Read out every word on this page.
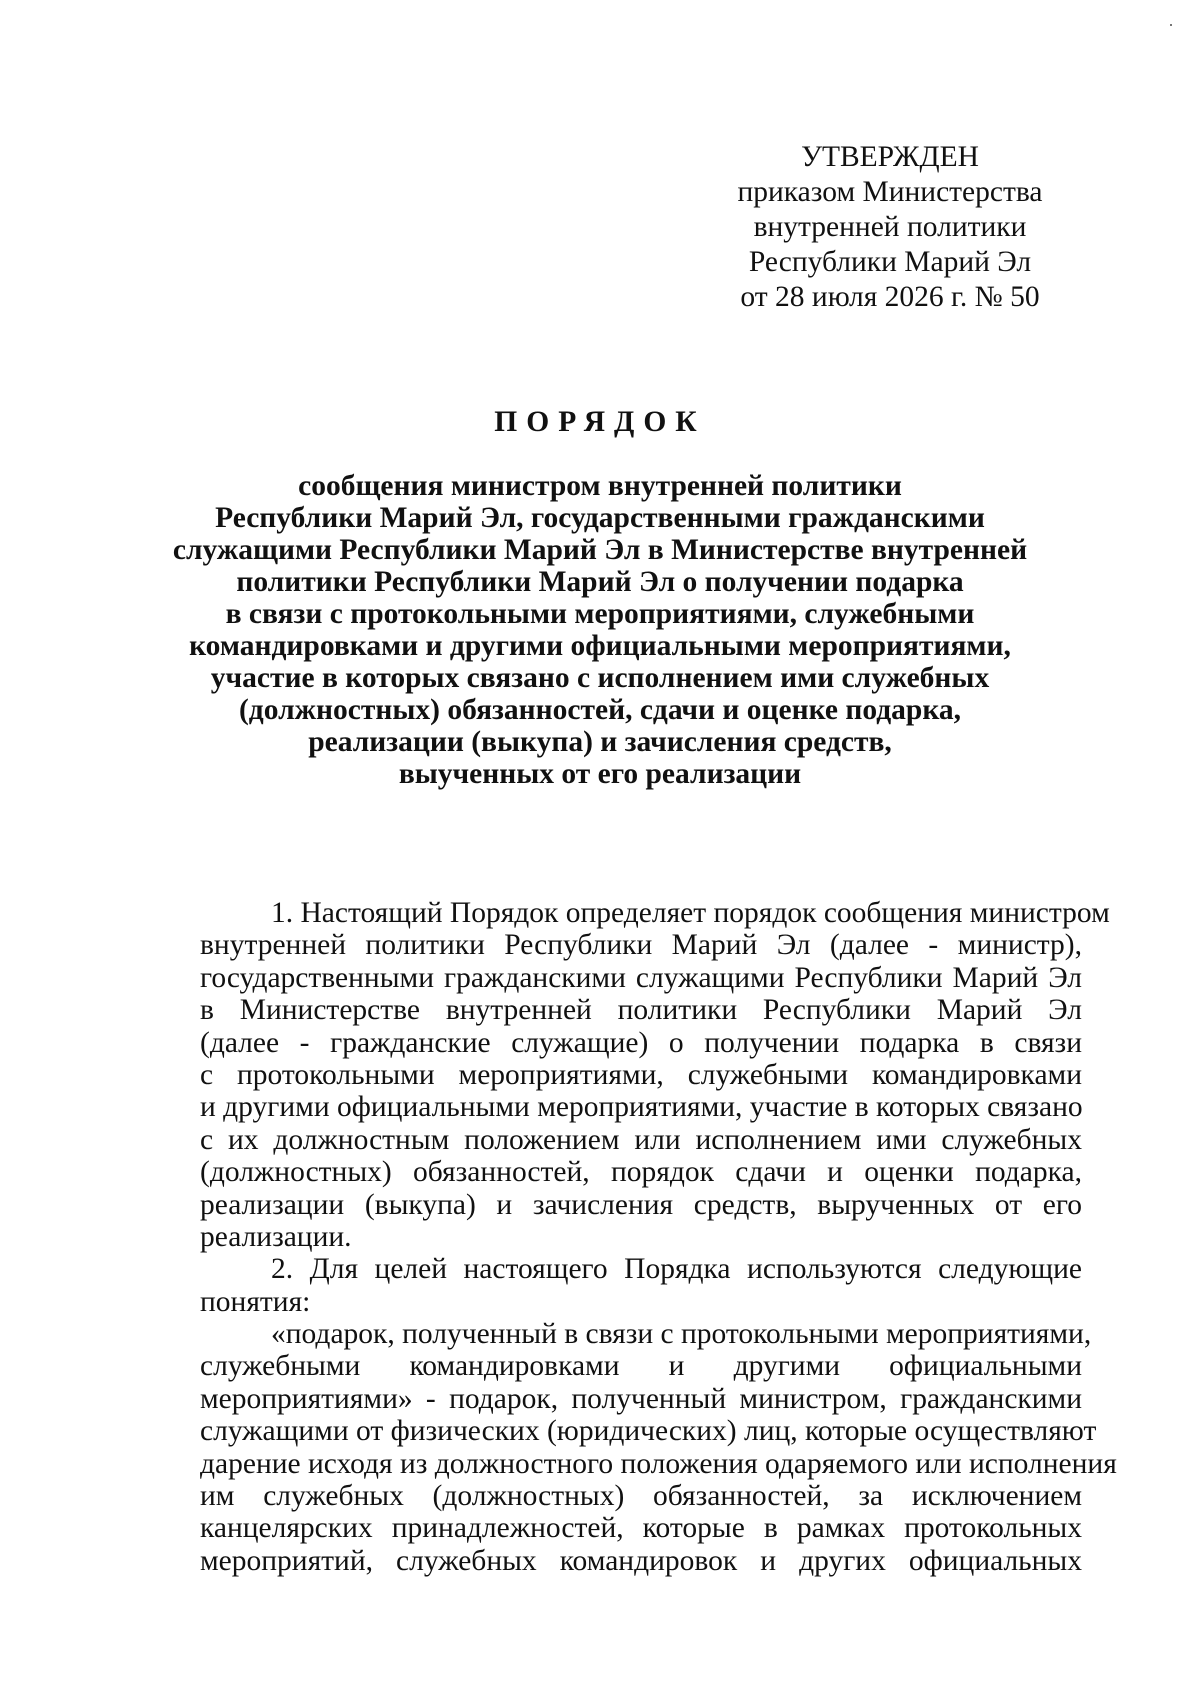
УТВЕРЖДЕН
приказом Министерства
внутренней политики
Республики Марий Эл
от 28 июля 2026 г. № 50
ПОРЯДОК
сообщения министром внутренней политики
Республики Марий Эл, государственными гражданскими
служащими Республики Марий Эл в Министерстве внутренней
политики Республики Марий Эл о получении подарка
в связи с протокольными мероприятиями, служебными
командировками и другими официальными мероприятиями,
участие в которых связано с исполнением ими служебных
(должностных) обязанностей, сдачи и оценке подарка,
реализации (выкупа) и зачисления средств,
выученных от его реализации
1. Настоящий Порядок определяет порядок сообщения министром
внутренней политики Республики Марий Эл (далее - министр),
государственными гражданскими служащими Республики Марий Эл
в Министерстве внутренней политики Республики Марий Эл
(далее - гражданские служащие) о получении подарка в связи
с протокольными мероприятиями, служебными командировками
и другими официальными мероприятиями, участие в которых связано
с их должностным положением или исполнением ими служебных
(должностных) обязанностей, порядок сдачи и оценки подарка,
реализации (выкупа) и зачисления средств, вырученных от его
реализации.
2. Для целей настоящего Порядка используются следующие
понятия:
«подарок, полученный в связи с протокольными мероприятиями,
служебными командировками и другими официальными
мероприятиями» - подарок, полученный министром, гражданскими
служащими от физических (юридических) лиц, которые осуществляют
дарение исходя из должностного положения одаряемого или исполнения
им служебных (должностных) обязанностей, за исключением
канцелярских принадлежностей, которые в рамках протокольных
мероприятий, служебных командировок и других официальных
